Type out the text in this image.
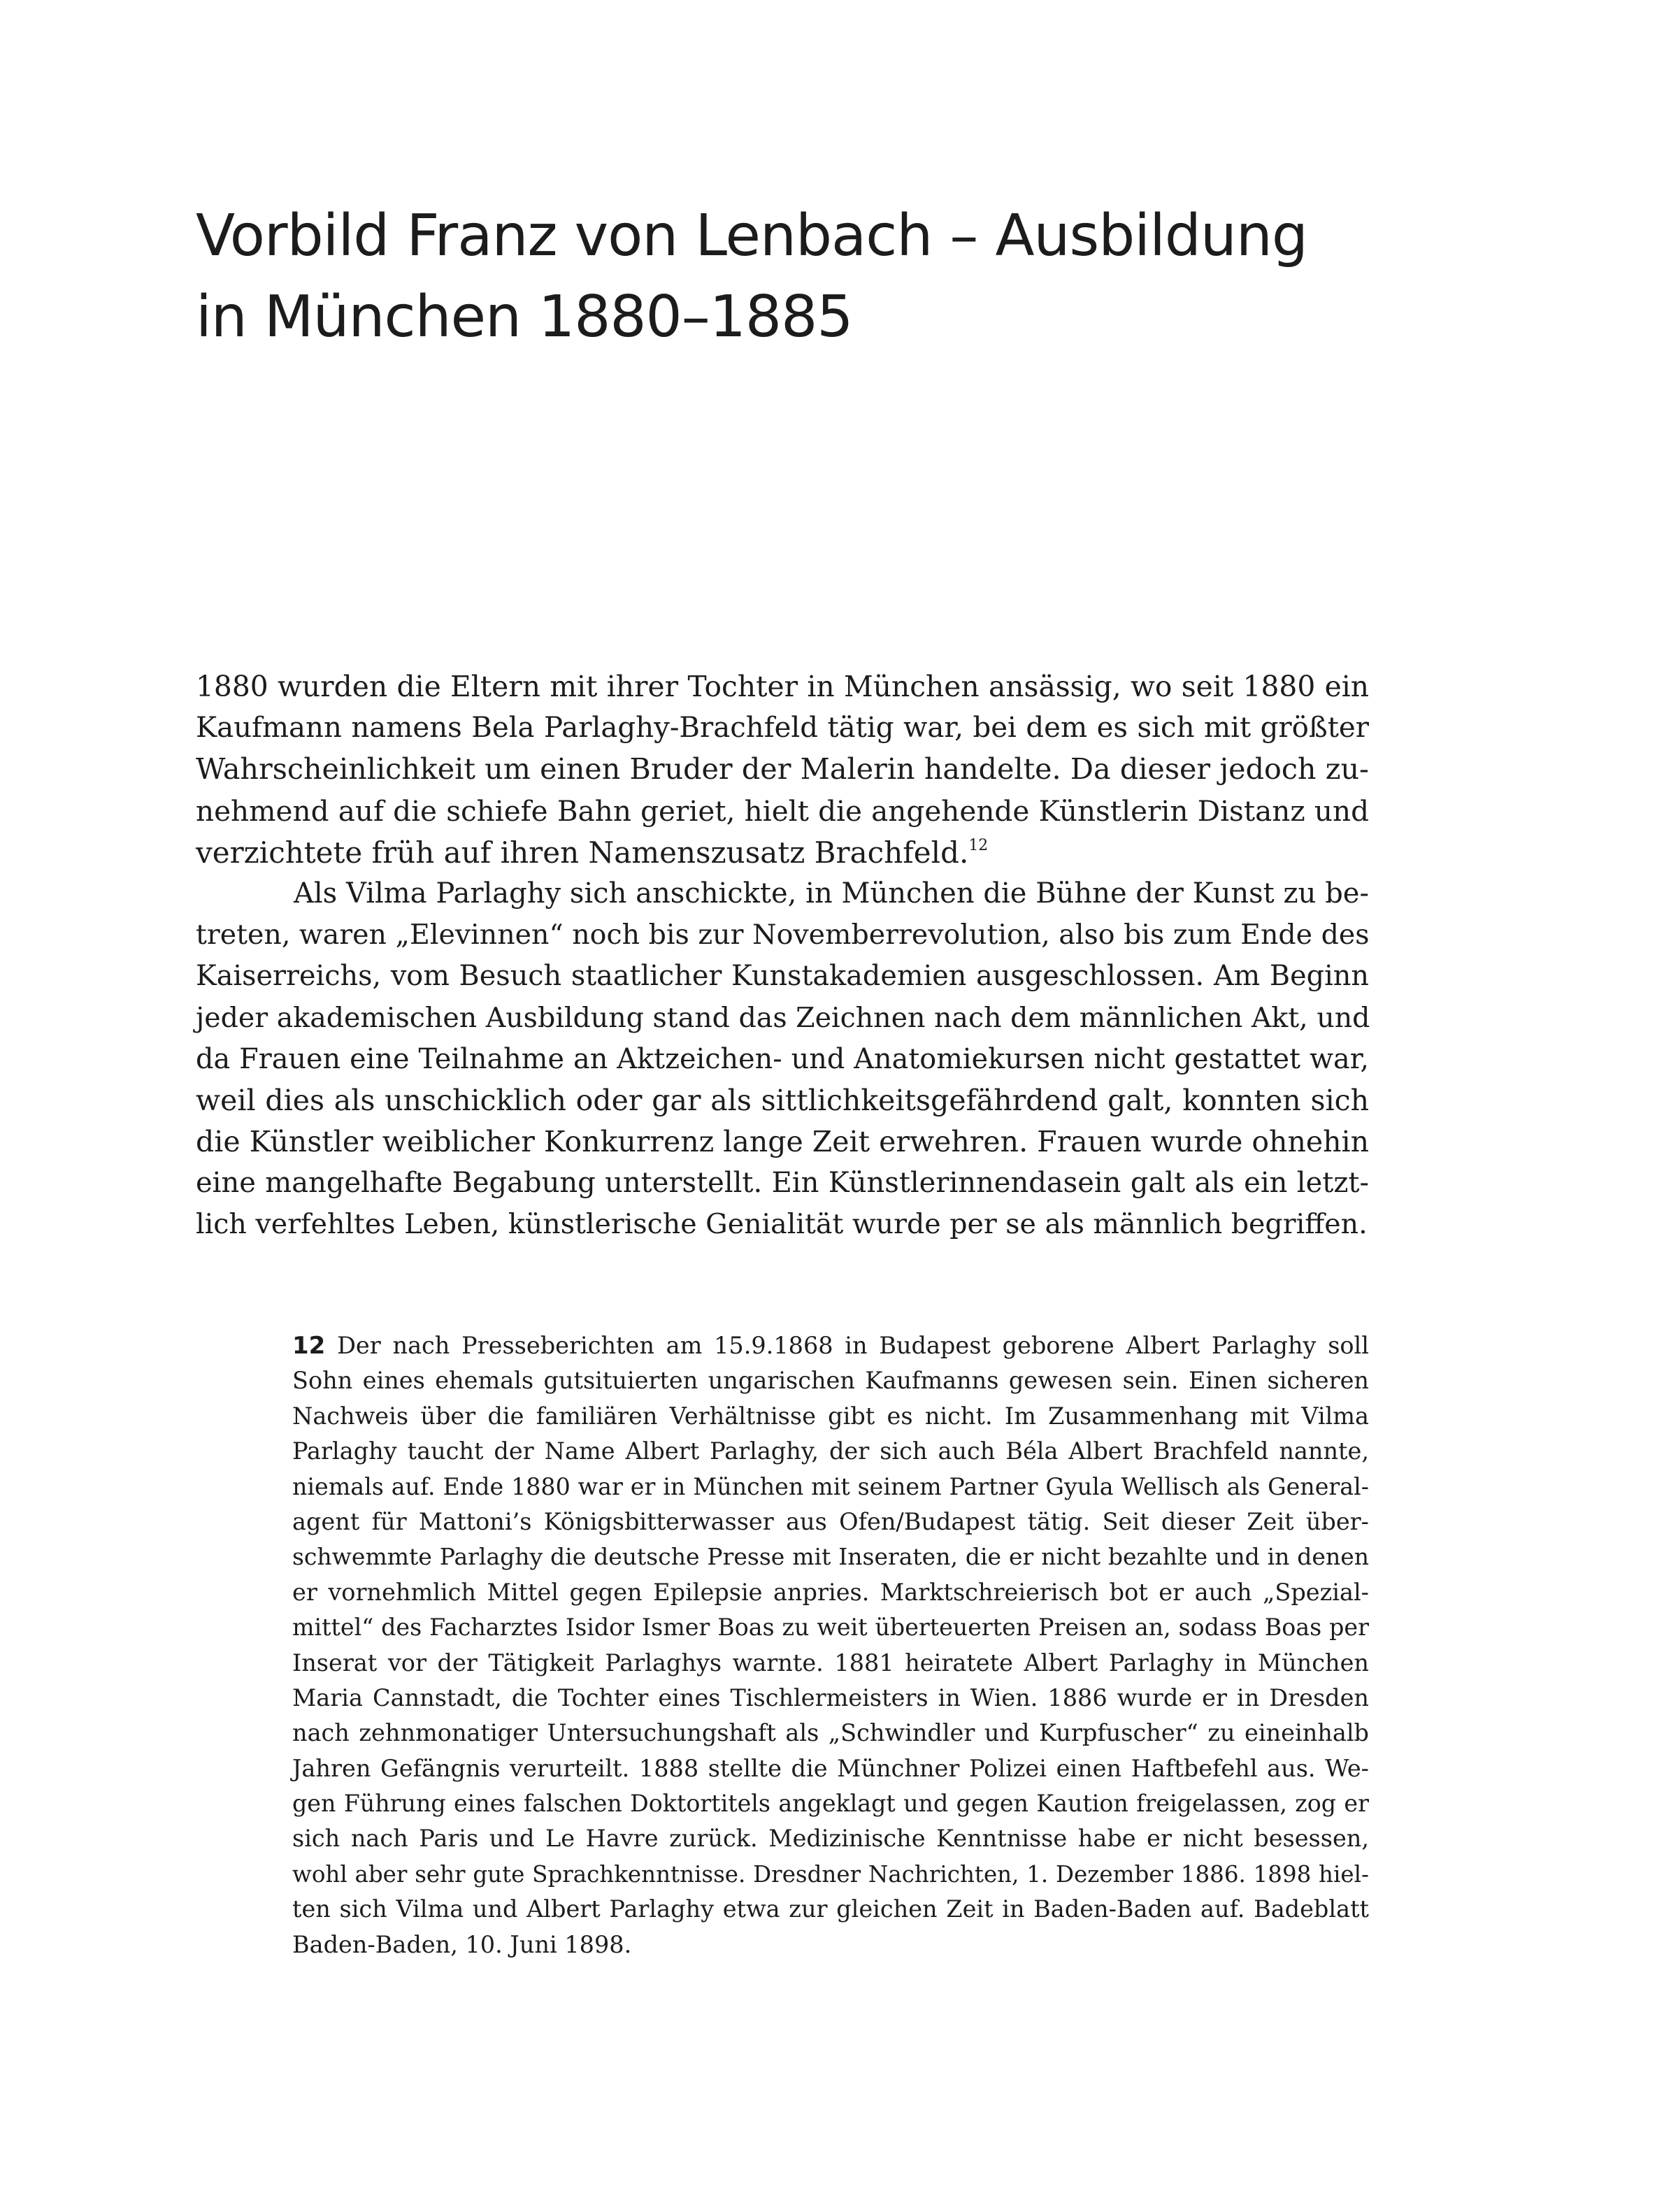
Vorbild Franz von Lenbach – Ausbildung
in München 1880–1885
1880 wurden die Eltern mit ihrer Tochter in München ansässig, wo seit 1880 ein
Kaufmann namens Bela Parlaghy-Brachfeld tätig war, bei dem es sich mit größter
Wahrscheinlichkeit um einen Bruder der Malerin handelte. Da dieser jedoch zu-
nehmend auf die schiefe Bahn geriet, hielt die angehende Künstlerin Distanz und
verzichtete früh auf ihren Namenszusatz Brachfeld.$^{12}$
Als Vilma Parlaghy sich anschickte, in München die Bühne der Kunst zu be-
treten, waren „Elevinnen“ noch bis zur Novemberrevolution, also bis zum Ende des
Kaiserreichs, vom Besuch staatlicher Kunstakademien ausgeschlossen. Am Beginn
jeder akademischen Ausbildung stand das Zeichnen nach dem männlichen Akt, und
da Frauen eine Teilnahme an Aktzeichen- und Anatomiekursen nicht gestattet war,
weil dies als unschicklich oder gar als sittlichkeitsgefährdend galt, konnten sich
die Künstler weiblicher Konkurrenz lange Zeit erwehren. Frauen wurde ohnehin
eine mangelhafte Begabung unterstellt. Ein Künstlerinnendasein galt als ein letzt-
lich verfehltes Leben, künstlerische Genialität wurde per se als männlich begriffen.
12 Der nach Presseberichten am 15.9.1868 in Budapest geborene Albert Parlaghy soll
Sohn eines ehemals gutsituierten ungarischen Kaufmanns gewesen sein. Einen sicheren
Nachweis über die familiären Verhältnisse gibt es nicht. Im Zusammenhang mit Vilma
Parlaghy taucht der Name Albert Parlaghy, der sich auch Béla Albert Brachfeld nannte,
niemals auf. Ende 1880 war er in München mit seinem Partner Gyula Wellisch als General-
agent für Mattoni’s Königsbitterwasser aus Ofen/Budapest tätig. Seit dieser Zeit über-
schwemmte Parlaghy die deutsche Presse mit Inseraten, die er nicht bezahlte und in denen
er vornehmlich Mittel gegen Epilepsie anpries. Marktschreierisch bot er auch „Spezial-
mittel“ des Facharztes Isidor Ismer Boas zu weit überteuerten Preisen an, sodass Boas per
Inserat vor der Tätigkeit Parlaghys warnte. 1881 heiratete Albert Parlaghy in München
Maria Cannstadt, die Tochter eines Tischlermeisters in Wien. 1886 wurde er in Dresden
nach zehnmonatiger Untersuchungshaft als „Schwindler und Kurpfuscher“ zu eineinhalb
Jahren Gefängnis verurteilt. 1888 stellte die Münchner Polizei einen Haftbefehl aus. We-
gen Führung eines falschen Doktortitels angeklagt und gegen Kaution freigelassen, zog er
sich nach Paris und Le Havre zurück. Medizinische Kenntnisse habe er nicht besessen,
wohl aber sehr gute Sprachkenntnisse. Dresdner Nachrichten, 1. Dezember 1886. 1898 hiel-
ten sich Vilma und Albert Parlaghy etwa zur gleichen Zeit in Baden-Baden auf. Badeblatt
Baden-Baden, 10. Juni 1898.
